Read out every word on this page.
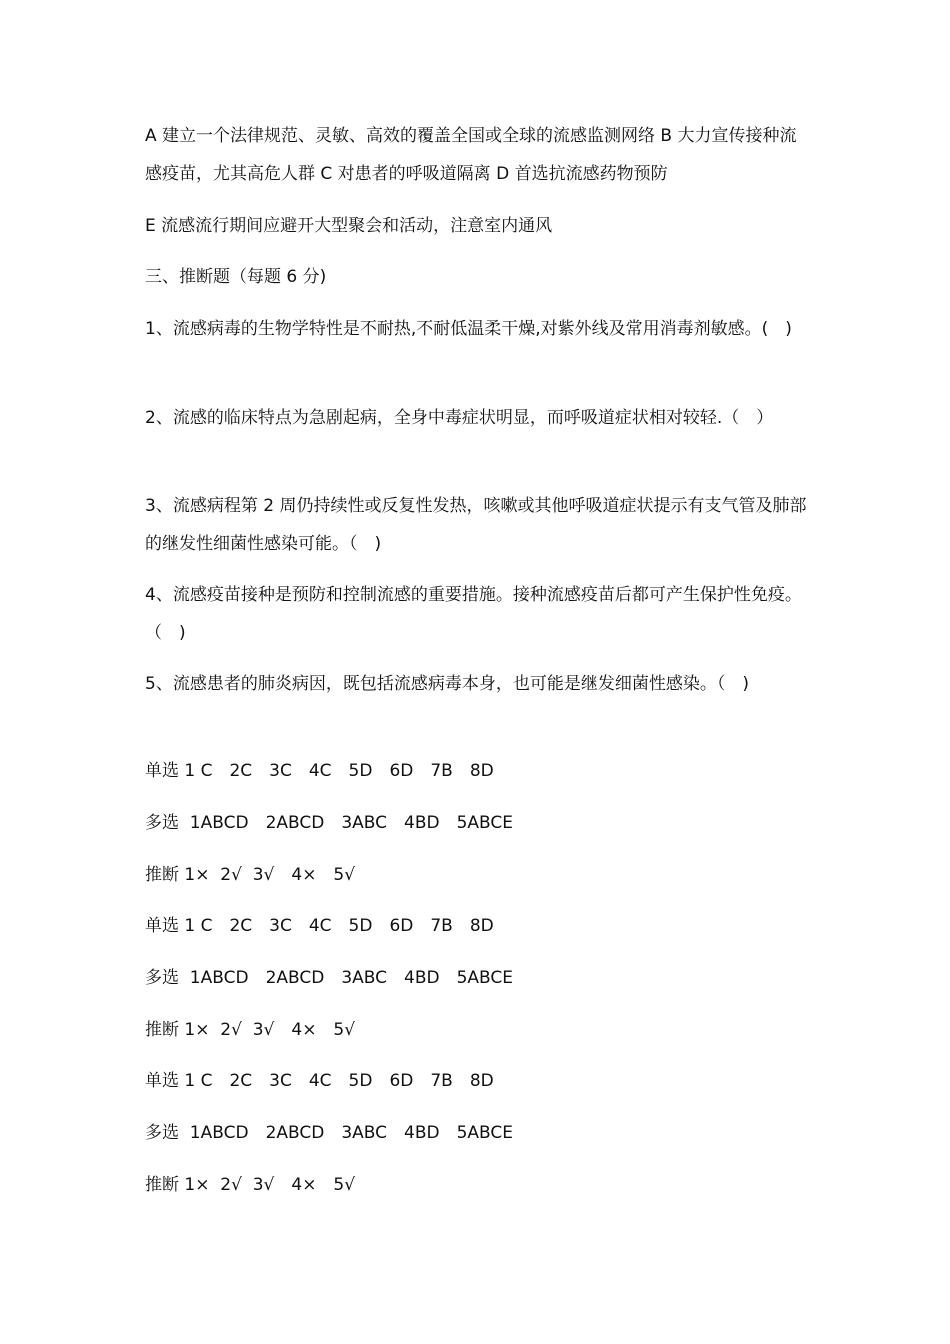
A 建立一个法律规范、灵敏、高效的覆盖全国或全球的流感监测网络 B 大力宣传接种流感疫苗，尤其高危人群 C 对患者的呼吸道隔离 D 首选抗流感药物预防
E 流感流行期间应避开大型聚会和活动，注意室内通风
三、推断题（每题 6 分)
1、流感病毒的生物学特性是不耐热,不耐低温柔干燥,对紫外线及常用消毒剂敏感。(　)
2、流感的临床特点为急剧起病，全身中毒症状明显，而呼吸道症状相对较轻.（　）
3、流感病程第 2 周仍持续性或反复性发热，咳嗽或其他呼吸道症状提示有支气管及肺部的继发性细菌性感染可能。（　)
4、流感疫苗接种是预防和控制流感的重要措施。接种流感疫苗后都可产生保护性免疫。（　)
5、流感患者的肺炎病因，既包括流感病毒本身，也可能是继发细菌性感染。（　)
单选 1 C　2C　3C　4C　5D　6D　7B　8D
多选  1ABCD　2ABCD　3ABC　4BD　5ABCE
推断 1×  2√  3√　4×　5√
单选 1 C　2C　3C　4C　5D　6D　7B　8D
多选  1ABCD　2ABCD　3ABC　4BD　5ABCE
推断 1×  2√  3√　4×　5√
单选 1 C　2C　3C　4C　5D　6D　7B　8D
多选  1ABCD　2ABCD　3ABC　4BD　5ABCE
推断 1×  2√  3√　4×　5√
